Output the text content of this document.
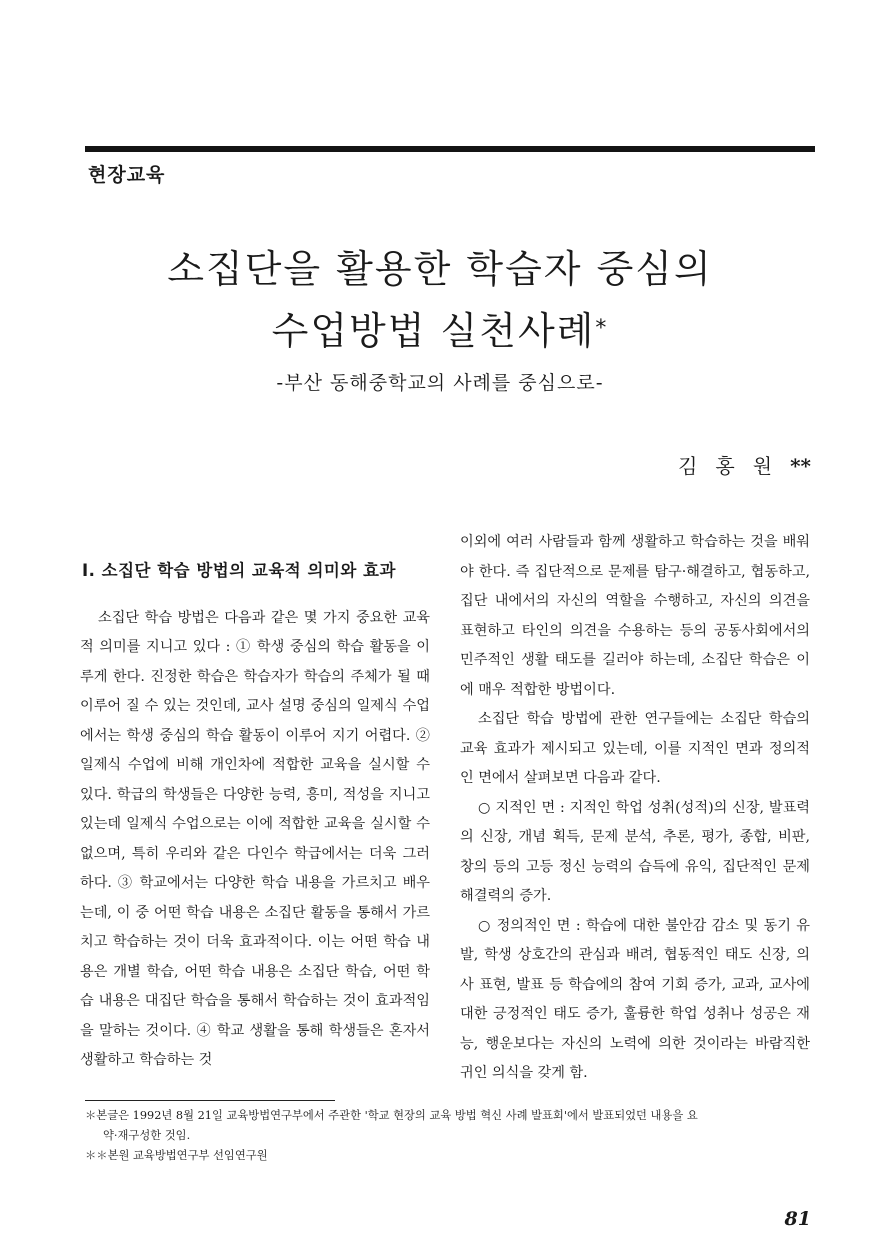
현장교육
소집단을 활용한 학습자 중심의
수업방법 실천사례*
-부산 동해중학교의 사례를 중심으로-
김홍원**

I. 소집단 학습 방법의 교육적 의미와 효과

소집단 학습 방법은 다음과 같은 몇 가지 중요한 교육적 의미를 지니고 있다 : ① 학생 중심의 학습 활동을 이루게 한다. 진정한 학습은 학습자가 학습의 주체가 될 때 이루어 질 수 있는 것인데, 교사 설명 중심의 일제식 수업에서는 학생 중심의 학습 활동이 이루어 지기 어렵다. ② 일제식 수업에 비해 개인차에 적합한 교육을 실시할 수 있다. 학급의 학생들은 다양한 능력, 흥미, 적성을 지니고 있는데 일제식 수업으로는 이에 적합한 교육을 실시할 수 없으며, 특히 우리와 같은 다인수 학급에서는 더욱 그러하다. ③ 학교에서는 다양한 학습 내용을 가르치고 배우는데, 이 중 어떤 학습 내용은 소집단 활동을 통해서 가르치고 학습하는 것이 더욱 효과적이다. 이는 어떤 학습 내용은 개별 학습, 어떤 학습 내용은 소집단 학습, 어떤 학습 내용은 대집단 학습을 통해서 학습하는 것이 효과적임을 말하는 것이다. ④ 학교 생활을 통해 학생들은 혼자서 생활하고 학습하는 것

이외에 여러 사람들과 함께 생활하고 학습하는 것을 배워야 한다. 즉 집단적으로 문제를 탐구·해결하고, 협동하고, 집단 내에서의 자신의 역할을 수행하고, 자신의 의견을 표현하고 타인의 의견을 수용하는 등의 공동사회에서의 민주적인 생활 태도를 길러야 하는데, 소집단 학습은 이에 매우 적합한 방법이다.

소집단 학습 방법에 관한 연구들에는 소집단 학습의 교육 효과가 제시되고 있는데, 이를 지적인 면과 정의적인 면에서 살펴보면 다음과 같다.

○ 지적인 면 : 지적인 학업 성취(성적)의 신장, 발표력의 신장, 개념 획득, 문제 분석, 추론, 평가, 종합, 비판, 창의 등의 고등 정신 능력의 습득에 유익, 집단적인 문제 해결력의 증가.

○ 정의적인 면 : 학습에 대한 불안감 감소 및 동기 유발, 학생 상호간의 관심과 배려, 협동적인 태도 신장, 의사 표현, 발표 등 학습에의 참여 기회 증가, 교과, 교사에 대한 긍정적인 태도 증가, 훌륭한 학업 성취나 성공은 재능, 행운보다는 자신의 노력에 의한 것이라는 바람직한 귀인 의식을 갖게 함.

＊본글은 1992년 8월 21일 교육방법연구부에서 주관한 '학교 현장의 교육 방법 혁신 사례 발표회'에서 발표되었던 내용을 요

약·재구성한 것임.

＊＊본원 교육방법연구부 선임연구원

81
